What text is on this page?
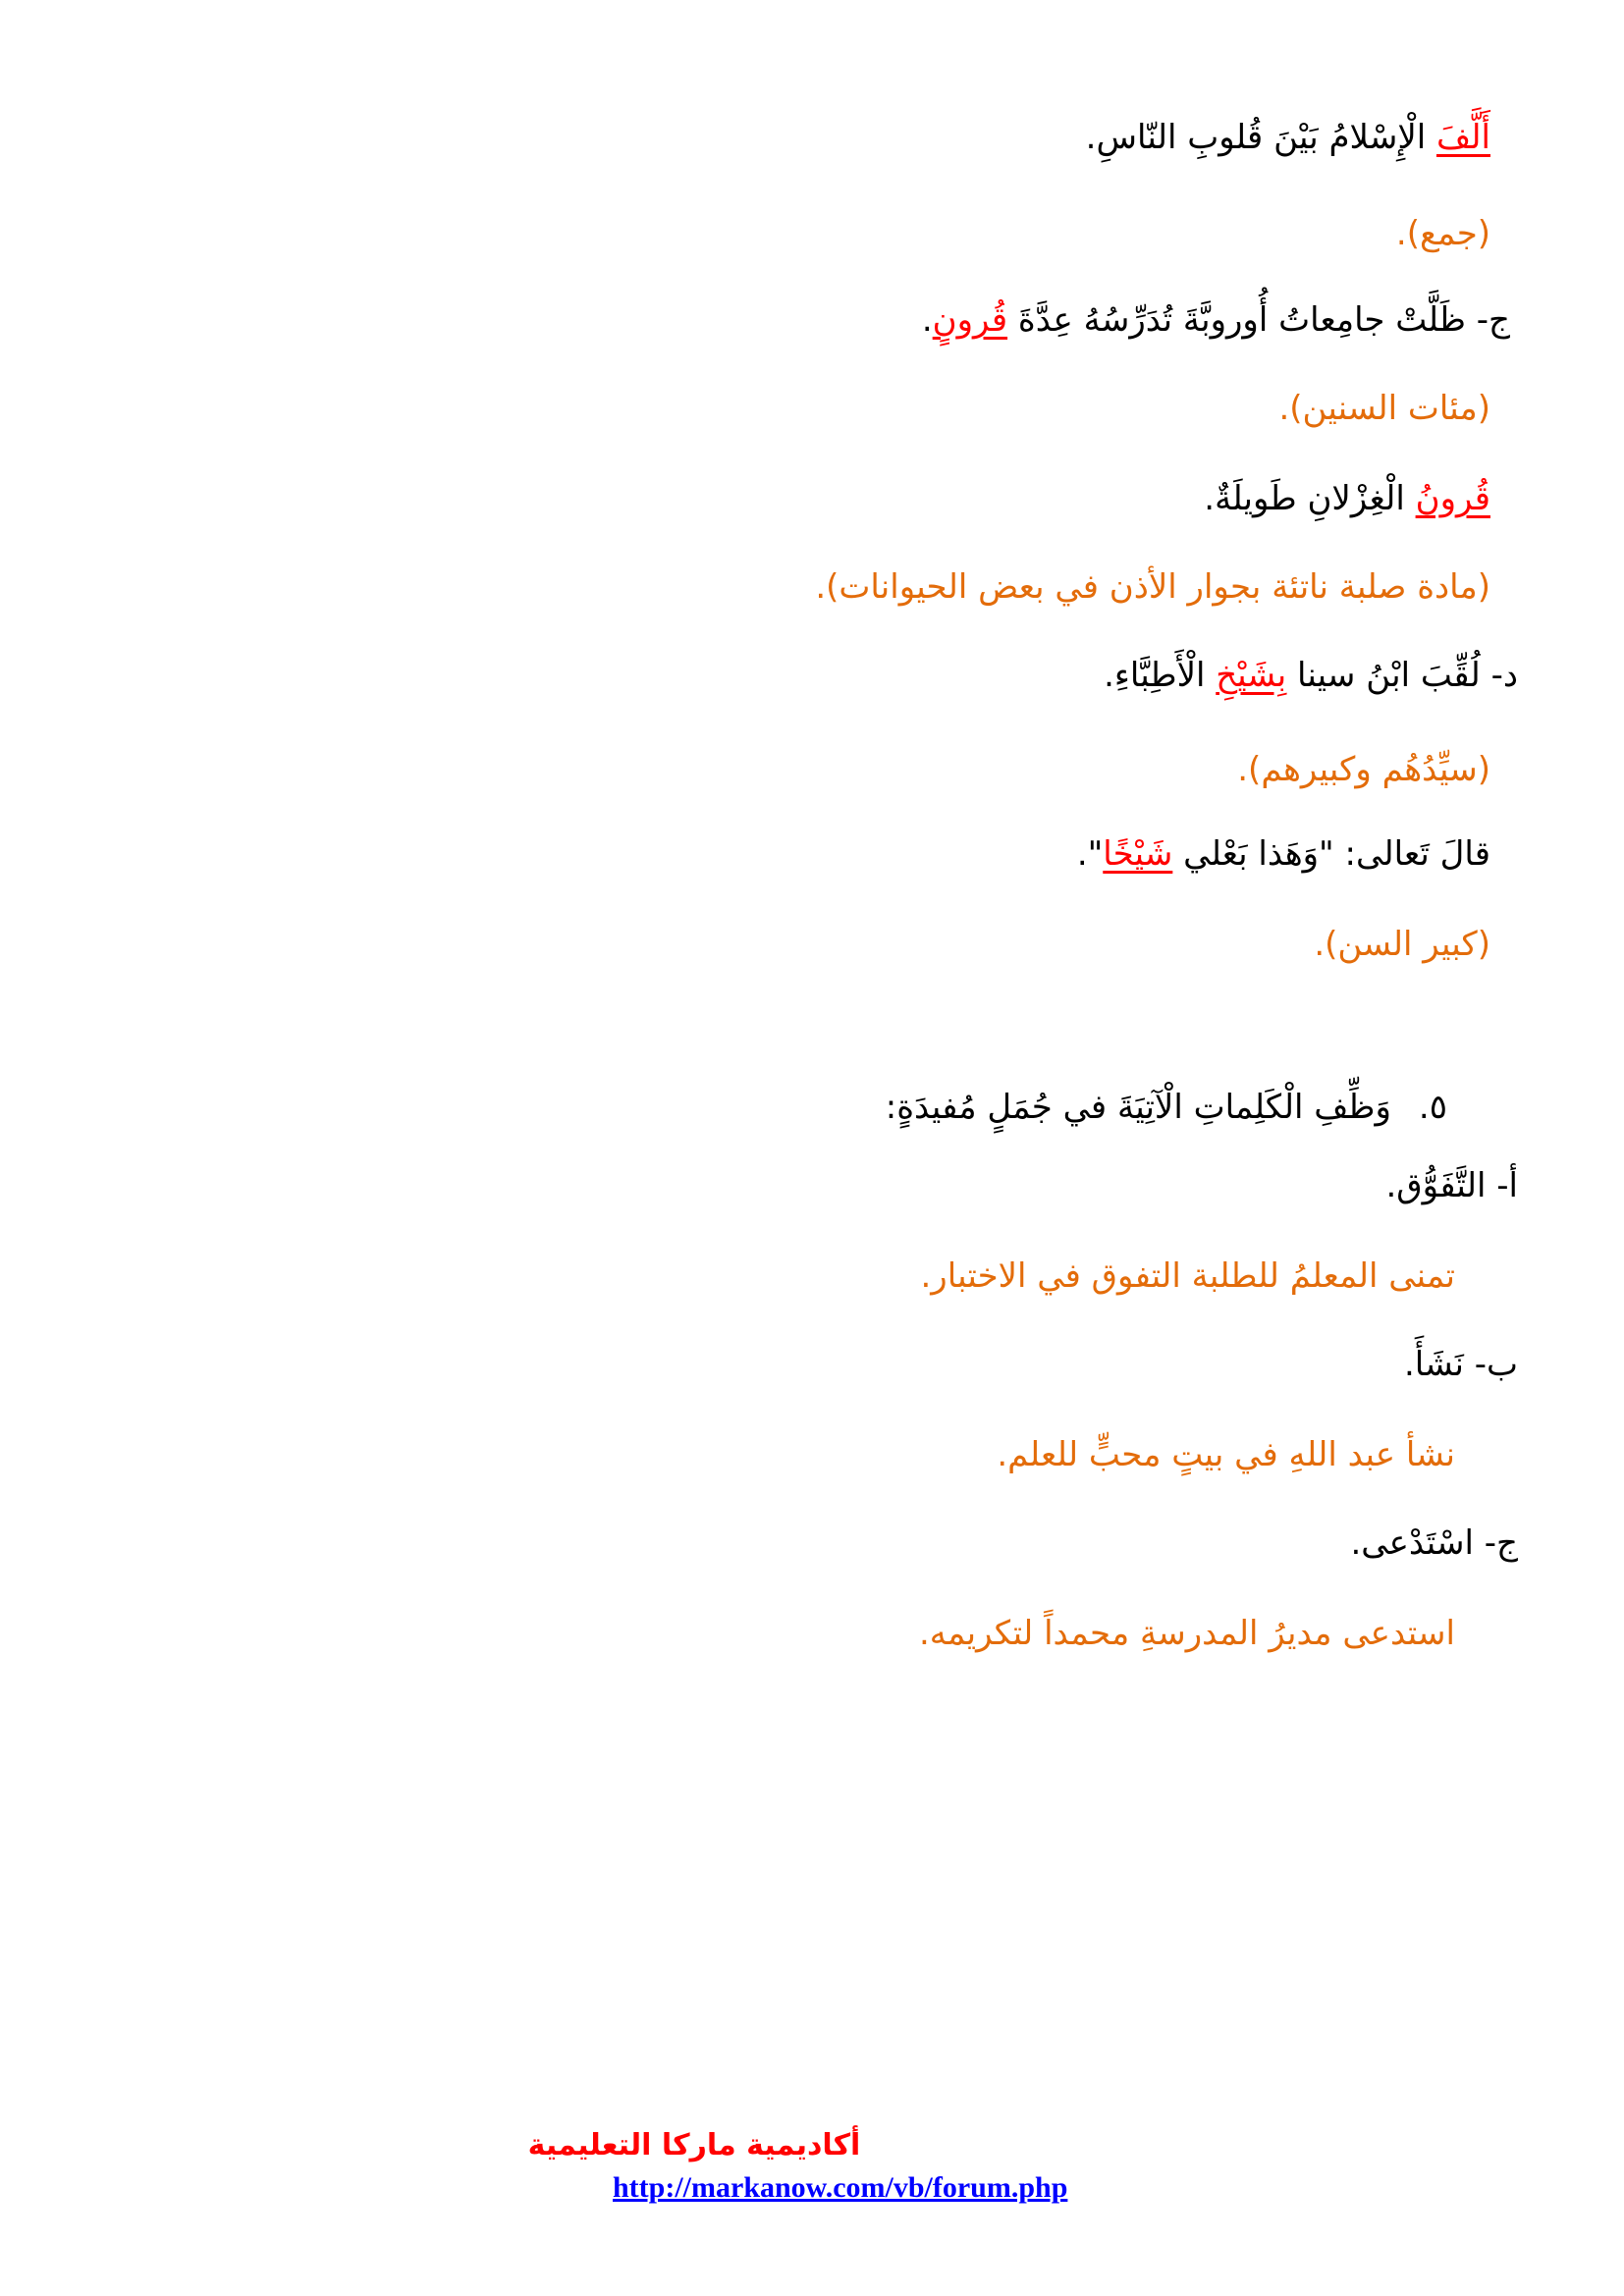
أَلَّفَ الْإِسْلامُ بَيْنَ قُلوبِ النّاسِ.
(جمع).
ج- ظَلَّتْ جامِعاتُ أُوروبَّةَ تُدَرِّسُهُ عِدَّةَ قُرونٍ.
(مئات السنين).
قُرونُ الْغِزْلانِ طَويلَةٌ.
(مادة صلبة ناتئة بجوار الأذن في بعض الحيوانات).
د- لُقِّبَ ابْنُ سينا بِشَيْخِ الْأَطِبَّاءِ.
(سيِّدُهُم وكبيرهم).
قالَ تَعالى: "وَهَذا بَعْلي شَيْخًا".
(كبير السن).
٥.وَظِّفِ الْكَلِماتِ الْآتِيَةَ في جُمَلٍ مُفيدَةٍ:
أ- التَّفَوُّق.
تمنى المعلمُ للطلبة التفوق في الاختبار.
ب- نَشَأَ.
نشأ عبد اللهِ في بيتٍ محبٍّ للعلم.
ج- اسْتَدْعى.
استدعى مديرُ المدرسةِ محمداً لتكريمه.
أكاديمية ماركا التعليمية
http://markanow.com/vb/forum.php
